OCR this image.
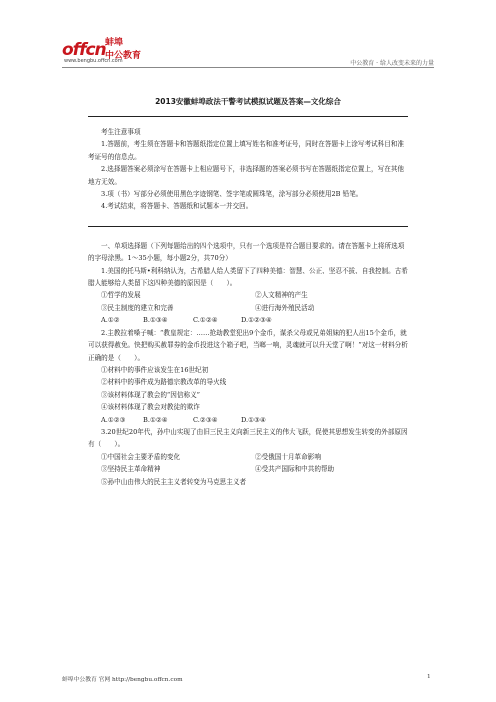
offcn 蚌埠
中公教育
www.bengbu.offcn.com	中公教育 · 给人改变未来的力量
2013安徽蚌埠政法干警考试模拟试题及答案—文化综合

考生注意事项

1.答题前，考生须在答题卡和答题纸指定位置上填写姓名和准考证号，同时在答题卡上涂写考试科目和准考证号的信息点。

2.选择题答案必须涂写在答题卡上相应题号下，非选择题的答案必须书写在答题纸指定位置上，写在其他地方无效。

3.项（书）写部分必须使用黑色字迹钢笔、签字笔或圆珠笔，涂写部分必须使用2B 铅笔。

4.考试结束，将答题卡、答题纸和试题本一并交回。

一、单项选择题（下列每题给出的四个选项中，只有一个选项是符合题目要求的。请在答题卡上将所选项的字母涂黑。1～35小题，每小题2分，共70分）

1.美国的托马斯•利科纳认为，古希腊人给人类留下了四种美德：智慧、公正、坚忍不拔、自我控制。古希腊人能够给人类留下这四种美德的原因是（　　）。

①哲学的发展	②人文精神的产生
③民主制度的建立和完善	④进行海外殖民活动
A.①②	B.①③④	C.①②④	D.①②③④

2.主教拉着嗓子喊：“教皇规定：……抢劫教堂犯出9个金币，谋杀父母或兄弟姐妹的犯人出15个金币，就可以获得赦免。快把购买赦罪券的金币投进这个箱子吧，当啷一响，灵魂就可以升天堂了啊！”对这一材料分析正确的是（　　）。

①材料中的事件应该发生在16世纪初

②材料中的事件成为路德宗教改革的导火线

③该材料体现了教会的“因信称义”

④该材料体现了教会对教徒的欺诈

A.①②③	B.①②④	C.②③④	D.①③④

3.20世纪20年代，孙中山实现了由旧三民主义向新三民主义的伟大飞跃，促使其思想发生转变的外部原因有（　　）。

①中国社会主要矛盾的变化	②受俄国十月革命影响
③坚持民主革命精神	④受共产国际和中共的帮助

⑤孙中山由伟大的民主主义者转变为马克思主义者

蚌埠中公教育 官网 http://bengbu.offcn.com	1
